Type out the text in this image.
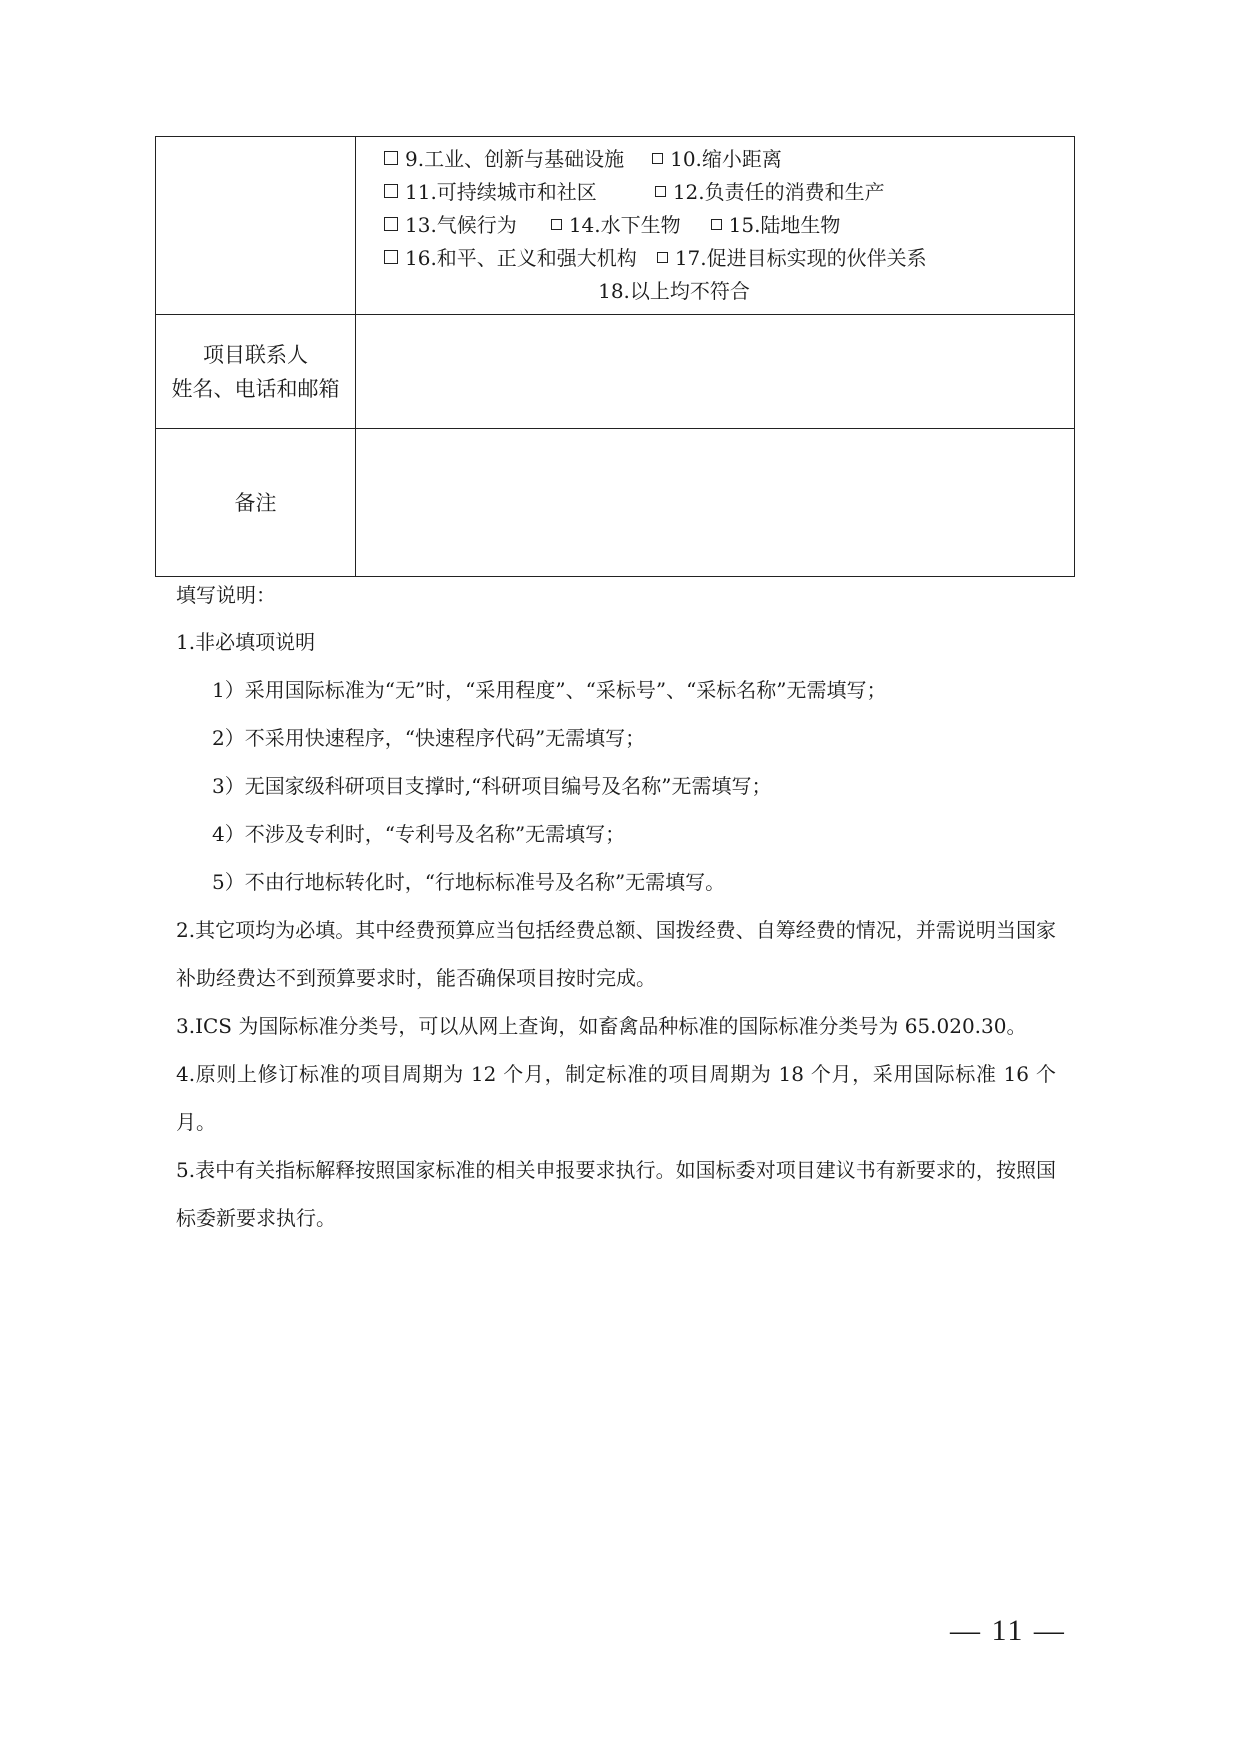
	9.工业、创新与基础设施 10.缩小距离
11.可持续城市和社区 12.负责任的消费和生产
13.气候行为 14.水下生物 15.陆地生物
16.和平、正义和强大机构 17.促进目标实现的伙伴关系
18.以上均不符合

项目联系人
姓名、电话和邮箱	

备注	
填写说明：
1.非必填项说明
1）采用国际标准为“无”时，“采用程度”、“采标号”、“采标名称”无需填写；
2）不采用快速程序，“快速程序代码”无需填写；
3）无国家级科研项目支撑时,“科研项目编号及名称”无需填写；
4）不涉及专利时，“专利号及名称”无需填写；
5）不由行地标转化时，“行地标标准号及名称”无需填写。
2.其它项均为必填。其中经费预算应当包括经费总额、国拨经费、自筹经费的情况，并需说明当国家补助经费达不到预算要求时，能否确保项目按时完成。
3.ICS 为国际标准分类号，可以从网上查询，如畜禽品种标准的国际标准分类号为 65.020.30。
4.原则上修订标准的项目周期为 12 个月，制定标准的项目周期为 18 个月，采用国际标准 16 个月。
5.表中有关指标解释按照国家标准的相关申报要求执行。如国标委对项目建议书有新要求的，按照国标委新要求执行。
— 11 —
